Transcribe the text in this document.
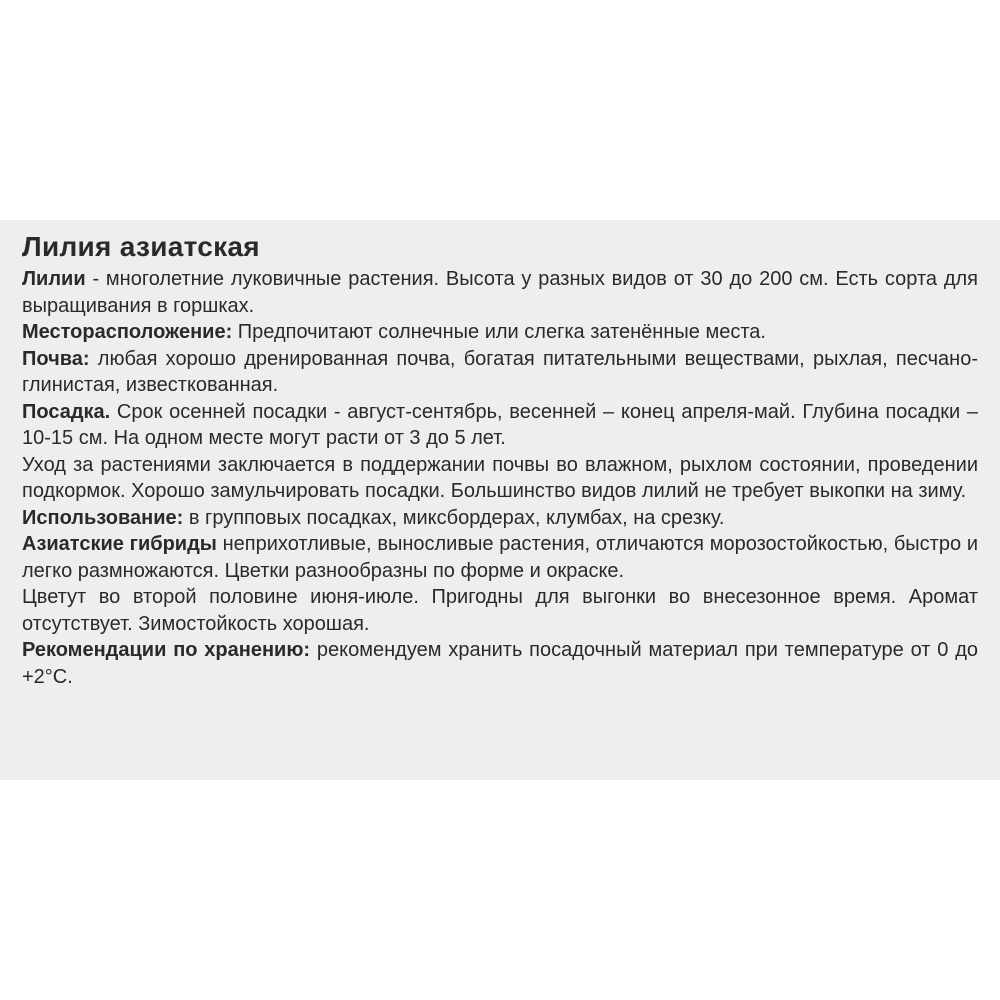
Лилия азиатская

Лилии - многолетние луковичные растения. Высота у разных видов от 30 до 200 см. Есть сорта для выращивания в горшках.

Месторасположение: Предпочитают солнечные или слегка затенённые места.

Почва: любая хорошо дренированная почва, богатая питательными веществами, рыхлая, песчано-глинистая, известкованная.

Посадка. Срок осенней посадки - август-сентябрь, весенней – конец апреля-май. Глубина посадки – 10-15 см. На одном месте могут расти от 3 до 5 лет.

Уход за растениями заключается в поддержании почвы во влажном, рыхлом состоянии, проведении подкормок. Хорошо замульчировать посадки. Большинство видов лилий не требует выкопки на зиму.

Использование: в групповых посадках, миксбордерах, клумбах, на срезку.

Азиатские гибриды неприхотливые, выносливые растения, отличаются морозостойкостью, быстро и легко размножаются. Цветки разнообразны по форме и окраске.

Цветут во второй половине июня-июле. Пригодны для выгонки во внесезонное время. Аромат отсутствует. Зимостойкость хорошая.

Рекомендации по хранению: рекомендуем хранить посадочный материал при температуре от 0 до +2°C.
